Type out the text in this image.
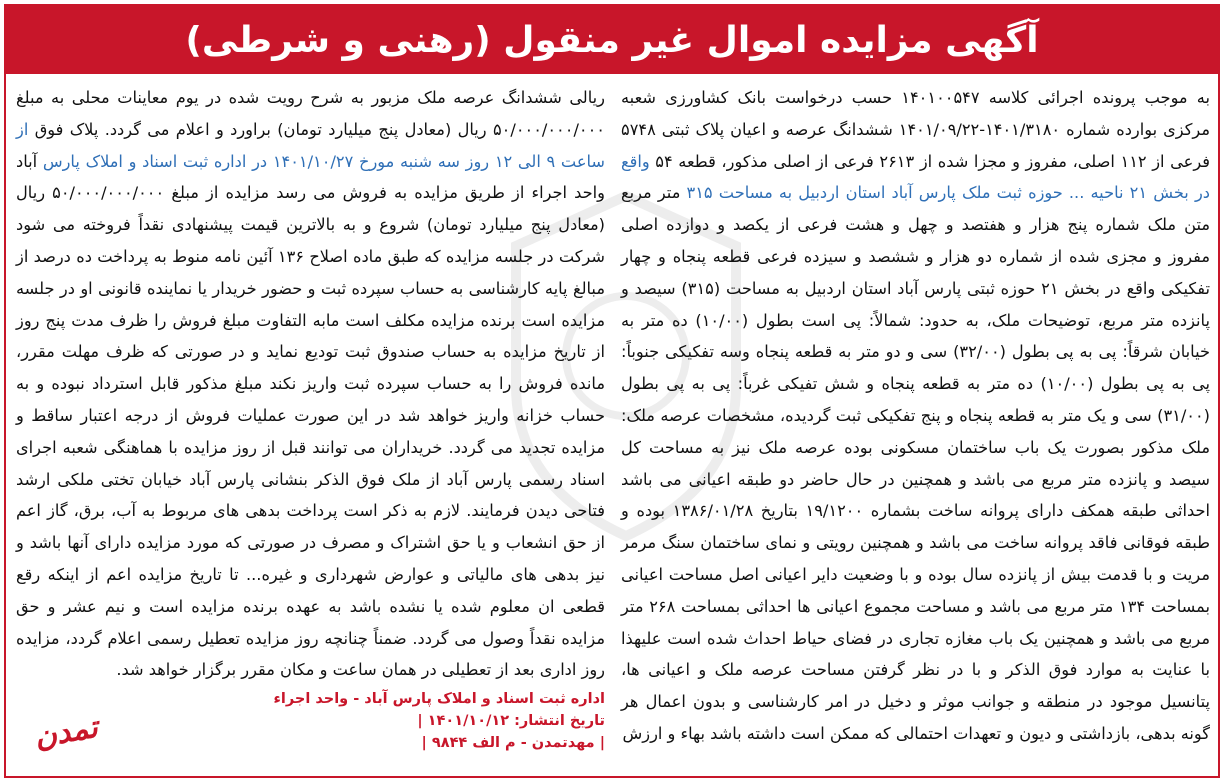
آگهی مزایده اموال غیر منقول (رهنی و شرطی)

به موجب پرونده اجرائی کلاسه ۱۴۰۱۰۰۵۴۷ حسب درخواست بانک کشاورزی شعبه مرکزی بوارده شماره ۱۴۰۱/۳۱۸۰-۱۴۰۱/۰۹/۲۲ ششدانگ عرصه و اعیان پلاک ثبتی ۵۷۴۸ فرعی از ۱۱۲ اصلی، مفروز و مجزا شده از ۲۶۱۳ فرعی از اصلی مذکور، قطعه ۵۴ واقع در بخش ۲۱ ناحیه ... حوزه ثبت ملک پارس آباد استان اردبیل به مساحت ۳۱۵ متر مربع متن ملک شماره پنج هزار و هفتصد و چهل و هشت فرعی از یکصد و دوازده اصلی مفروز و مجزی شده از شماره دو هزار و ششصد و سیزده فرعی قطعه پنجاه و چهار تفکیکی واقع در بخش ۲۱ حوزه ثبتی پارس آباد استان اردبیل به مساحت (۳۱۵) سیصد و پانزده متر مربع، توضیحات ملک، به حدود: شمالاً: پی است بطول (۱۰/۰۰) ده متر به خیابان شرقاً: پی به پی بطول (۳۲/۰۰) سی و دو متر به قطعه پنجاه وسه تفکیکی جنوباً: پی به پی بطول (۱۰/۰۰) ده متر به قطعه پنجاه و شش تفیکی غرباً: پی به پی بطول (۳۱/۰۰) سی و یک متر به قطعه پنجاه و پنج تفکیکی ثبت گردیده، مشخصات عرصه ملک: ملک مذکور بصورت یک باب ساختمان مسکونی بوده عرصه ملک نیز به مساحت کل سیصد و پانزده متر مربع می باشد و همچنین در حال حاضر دو طبقه اعیانی می باشد احداثی طبقه همکف دارای پروانه ساخت بشماره ۱۹/۱۲۰۰ بتاریخ ۱۳۸۶/۰۱/۲۸ بوده و طبقه فوقانی فاقد پروانه ساخت می باشد و همچنین رویتی و نمای ساختمان سنگ مرمر مریت و با قدمت بیش از پانزده سال بوده و با وضعیت دایر اعیانی اصل مساحت اعیانی بمساحت ۱۳۴ متر مربع می باشد و مساحت مجموع اعیانی ها احداثی بمساحت ۲۶۸ متر مربع می باشد و همچنین یک باب مغازه تجاری در فضای حیاط احداث شده است علیهذا با عنایت به موارد فوق الذکر و با در نظر گرفتن مساحت عرصه ملک و اعیانی ها، پتانسیل موجود در منطقه و جوانب موثر و دخیل در امر کارشناسی و بدون اعمال هر گونه بدهی، بازداشتی و دیون و تعهدات احتمالی که ممکن است داشته باشد بهاء و ارزش

ریالی ششدانگ عرصه ملک مزبور به شرح رویت شده در یوم معاینات محلی به مبلغ ۵۰/۰۰۰/۰۰۰/۰۰۰ ریال (معادل پنج میلیارد تومان) براورد و اعلام می گردد. پلاک فوق از ساعت ۹ الی ۱۲ روز سه شنبه مورخ ۱۴۰۱/۱۰/۲۷ در اداره ثبت اسناد و املاک پارس آباد واحد اجراء از طریق مزایده به فروش می رسد مزایده از مبلغ ۵۰/۰۰۰/۰۰۰/۰۰۰ ریال (معادل پنج میلیارد تومان) شروع و به بالاترین قیمت پیشنهادی نقداً فروخته می شود شرکت در جلسه مزایده که طبق ماده اصلاح ۱۳۶ آئین نامه منوط به پرداخت ده درصد از مبالغ پایه کارشناسی به حساب سپرده ثبت و حضور خریدار یا نماینده قانونی او در جلسه مزایده است برنده مزایده مکلف است مابه التفاوت مبلغ فروش را ظرف مدت پنج روز از تاریخ مزایده به حساب صندوق ثبت تودیع نماید و در صورتی که ظرف مهلت مقرر، مانده فروش را به حساب سپرده ثبت واریز نکند مبلغ مذکور قابل استرداد نبوده و به حساب خزانه واریز خواهد شد در این صورت عملیات فروش از درجه اعتبار ساقط و مزایده تجدید می گردد. خریداران می توانند قبل از روز مزایده با هماهنگی شعبه اجرای اسناد رسمی پارس آباد از ملک فوق الذکر بنشانی پارس آباد خیابان تختی ملکی ارشد فتاحی دیدن فرمایند. لازم به ذکر است پرداخت بدهی های مربوط به آب، برق، گاز اعم از حق انشعاب و یا حق اشتراک و مصرف در صورتی که مورد مزایده دارای آنها باشد و نیز بدهی های مالیاتی و عوارض شهرداری و غیره... تا تاریخ مزایده اعم از اینکه رقع قطعی ان معلوم شده یا نشده باشد به عهده برنده مزایده است و نیم عشر و حق مزایده نقداً وصول می گردد. ضمناً چنانچه روز مزایده تعطیل رسمی اعلام گردد، مزایده روز اداری بعد از تعطیلی در همان ساعت و مکان مقرر برگزار خواهد شد.

اداره ثبت اسناد و املاک پارس آباد - واحد اجراء
تاریخ انتشار: ۱۴۰۱/۱۰/۱۲ |
| مهدتمدن - م الف ۹۸۴۴ |
تمدن
